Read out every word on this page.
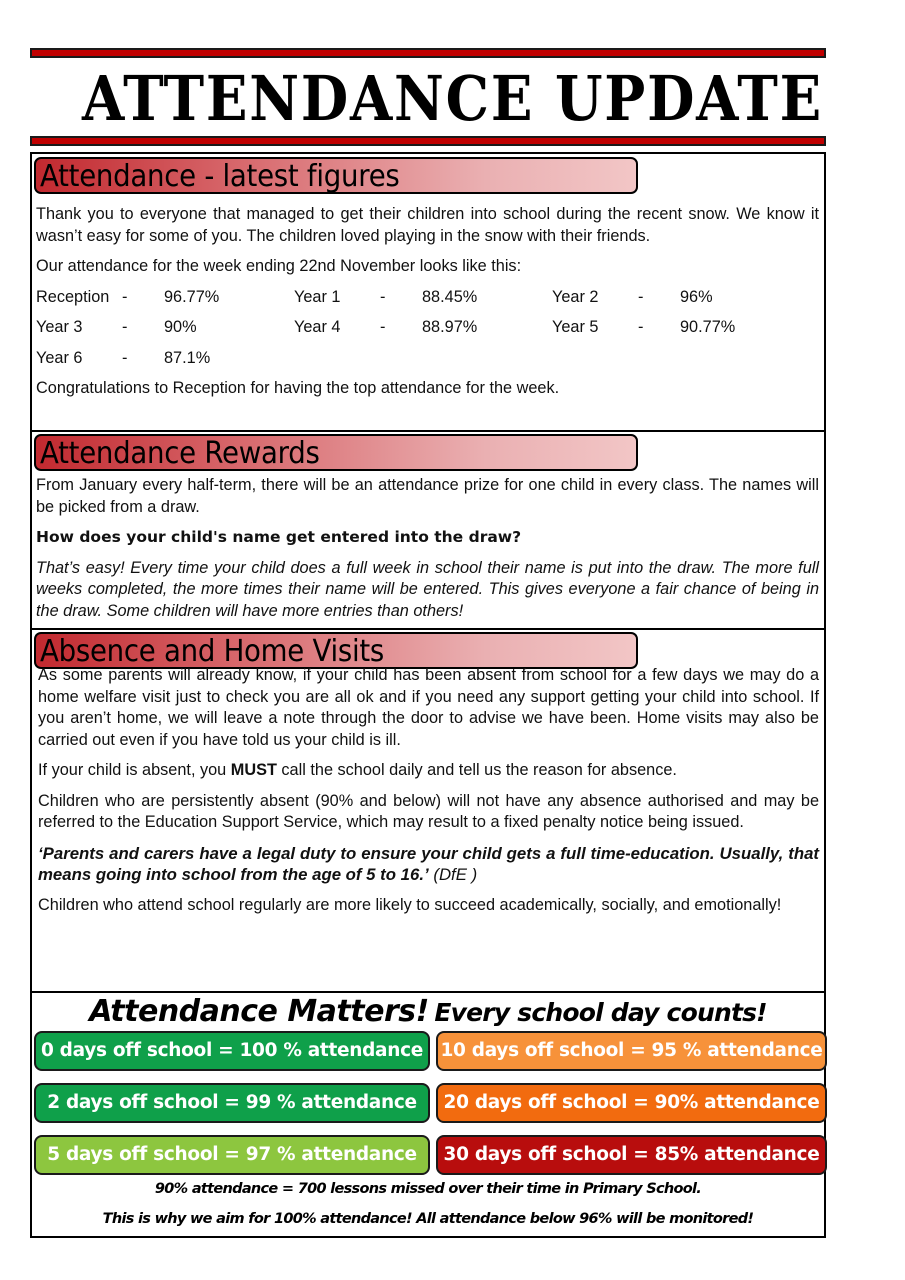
ATTENDANCE UPDATE
Attendance - latest figures

Thank you to everyone that managed to get their children into school during the recent snow. We know it wasn’t easy for some of you. The children loved playing in the snow with their friends.

Our attendance for the week ending 22nd November looks like this:

Reception -	96.77%	Year 1	-	88.45%	Year 2	-	96%
Year 3	-	90%	Year 4	-	88.97%	Year 5	-	90.77%
Year 6	-	87.1%

Congratulations to Reception for having the top attendance for the week.

Attendance Rewards

From January every half-term, there will be an attendance prize for one child in every class. The names will be picked from a draw.

How does your child's name get entered into the draw?

That’s easy! Every time your child does a full week in school their name is put into the draw. The more full weeks completed, the more times their name will be entered. This gives everyone a fair chance of being in the draw. Some children will have more entries than others!

Absence and Home Visits

As some parents will already know, if your child has been absent from school for a few days we may do a home welfare visit just to check you are all ok and if you need any support getting your child into school. If you aren’t home, we will leave a note through the door to advise we have been. Home visits may also be carried out even if you have told us your child is ill.

If your child is absent, you MUST call the school daily and tell us the reason for absence.

Children who are persistently absent (90% and below) will not have any absence authorised and may be referred to the Education Support Service, which may result to a fixed penalty notice being issued.

‘Parents and carers have a legal duty to ensure your child gets a full time-education. Usually, that means going into school from the age of 5 to 16.’ (DfE )

Children who attend school regularly are more likely to succeed academically, socially, and emotionally!

Attendance Matters! Every school day counts!
0 days off school = 100 % attendance
2 days off school = 99 % attendance
5 days off school = 97 % attendance
10 days off school = 95 % attendance
20 days off school = 90% attendance
30 days off school = 85% attendance
90% attendance = 700 lessons missed over their time in Primary School.
This is why we aim for 100% attendance! All attendance below 96% will be monitored!
